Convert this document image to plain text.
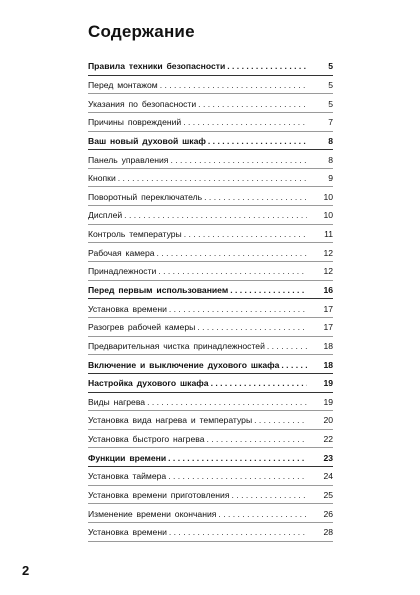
Содержание
Правила техники безопасности . . .	5
Перед монтажом . . .	5
Указания по безопасности . . .	5
Причины повреждений . . .	7
Ваш новый духовой шкаф . . .	8
Панель управления . . .	8
Кнопки . . .	9
Поворотный переключатель . . .	10
Дисплей . . .	10
Контроль температуры . . .	11
Рабочая камера . . .	12
Принадлежности . . .	12
Перед первым использованием . . .	16
Установка времени . . .	17
Разогрев рабочей камеры . . .	17
Предварительная чистка принадлежностей . . .	18
Включение и выключение духового шкафа . . .	18
Настройка духового шкафа . . .	19
Виды нагрева . . .	19
Установка вида нагрева и температуры . . .	20
Установка быстрого нагрева . . .	22
Функции времени . . .	23
Установка таймера . . .	24
Установка времени приготовления . . .	25
Изменение времени окончания . . .	26
Установка времени . . .	28
2
